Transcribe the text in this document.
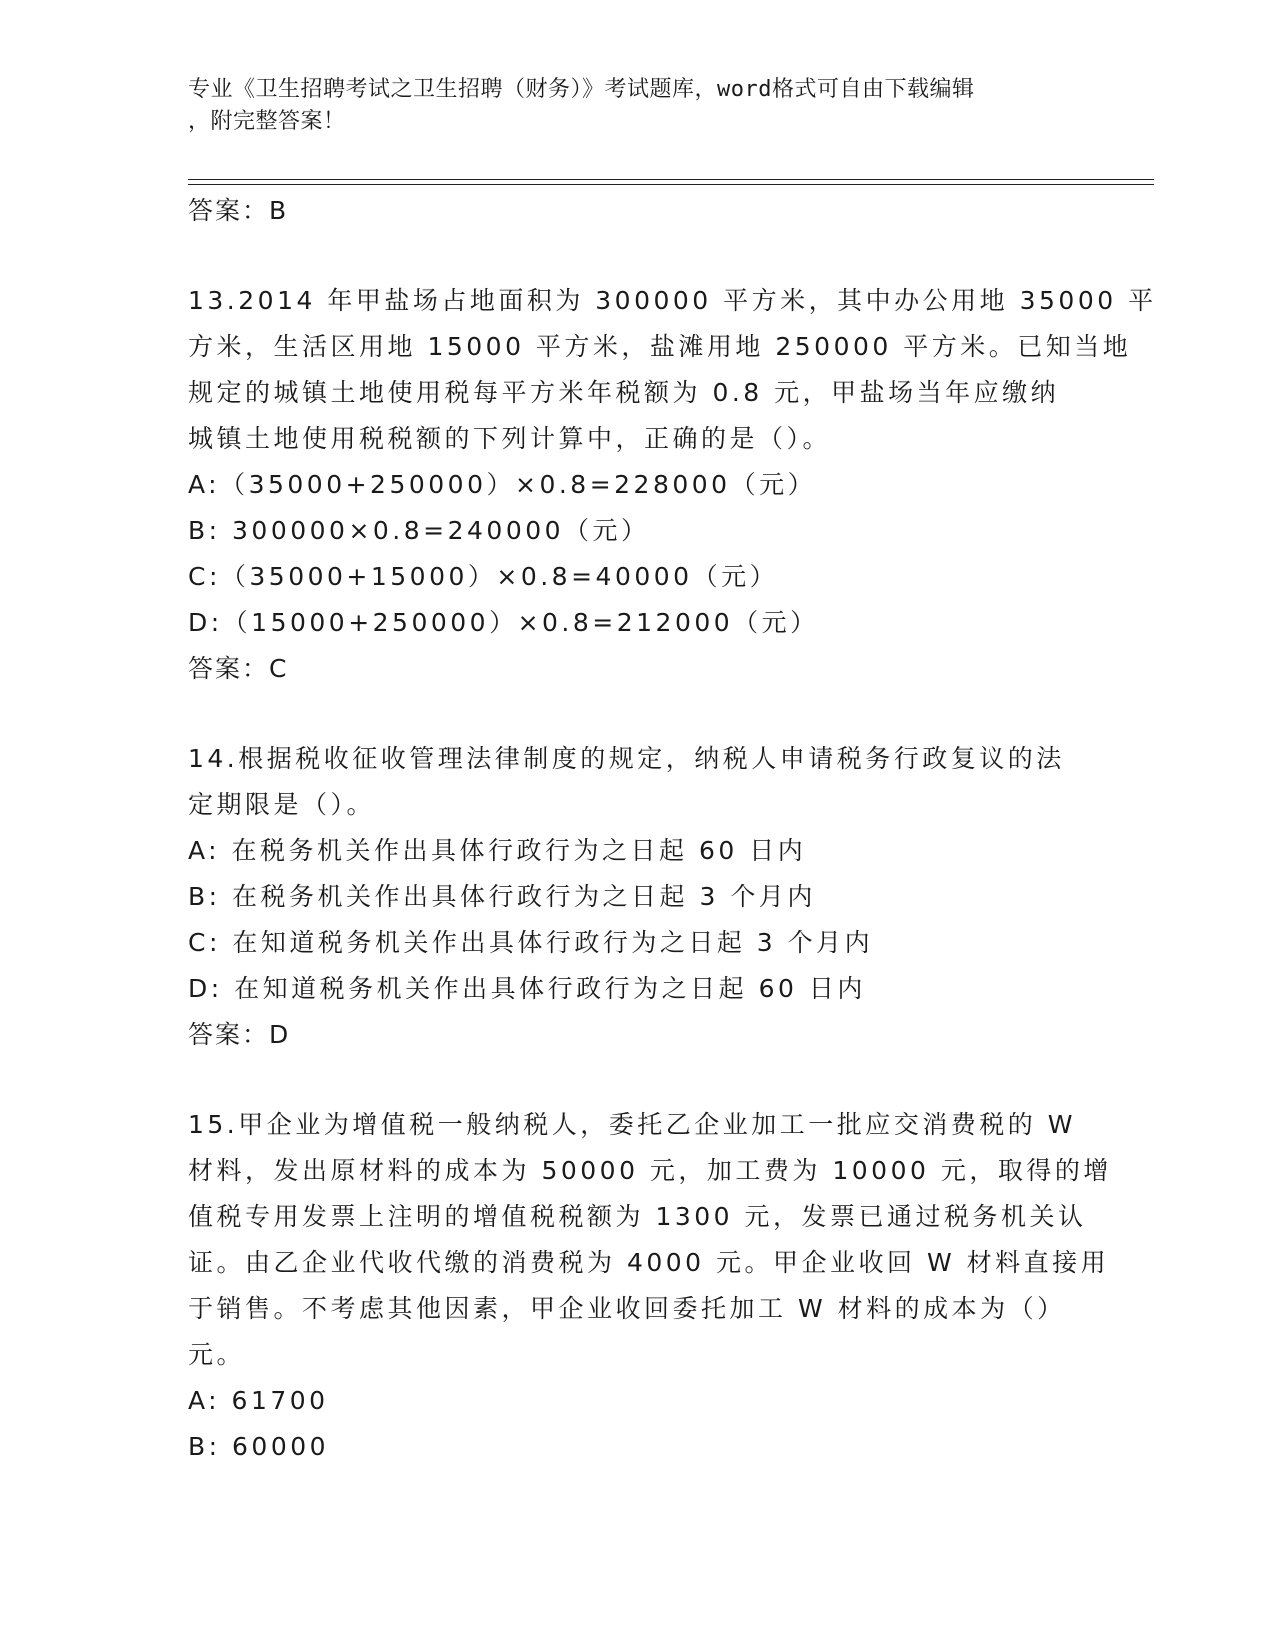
专业《卫生招聘考试之卫生招聘（财务）》考试题库，word格式可自由下载编辑
，附完整答案！
答案：B
13.2014 年甲盐场占地面积为 300000 平方米，其中办公用地 35000 平
方米，生活区用地 15000 平方米，盐滩用地 250000 平方米。已知当地
规定的城镇土地使用税每平方米年税额为 0.8 元，甲盐场当年应缴纳
城镇土地使用税税额的下列计算中，正确的是（）。
A:（35000+250000）×0.8=228000（元）
B: 300000×0.8=240000（元）
C:（35000+15000）×0.8=40000（元）
D:（15000+250000）×0.8=212000（元）
答案：C
14.根据税收征收管理法律制度的规定，纳税人申请税务行政复议的法
定期限是（）。
A: 在税务机关作出具体行政行为之日起 60 日内
B: 在税务机关作出具体行政行为之日起 3 个月内
C: 在知道税务机关作出具体行政行为之日起 3 个月内
D: 在知道税务机关作出具体行政行为之日起 60 日内
答案：D
15.甲企业为增值税一般纳税人，委托乙企业加工一批应交消费税的 W
材料，发出原材料的成本为 50000 元，加工费为 10000 元，取得的增
值税专用发票上注明的增值税税额为 1300 元，发票已通过税务机关认
证。由乙企业代收代缴的消费税为 4000 元。甲企业收回 W 材料直接用
于销售。不考虑其他因素，甲企业收回委托加工 W 材料的成本为（）
元。
A: 61700
B: 60000
